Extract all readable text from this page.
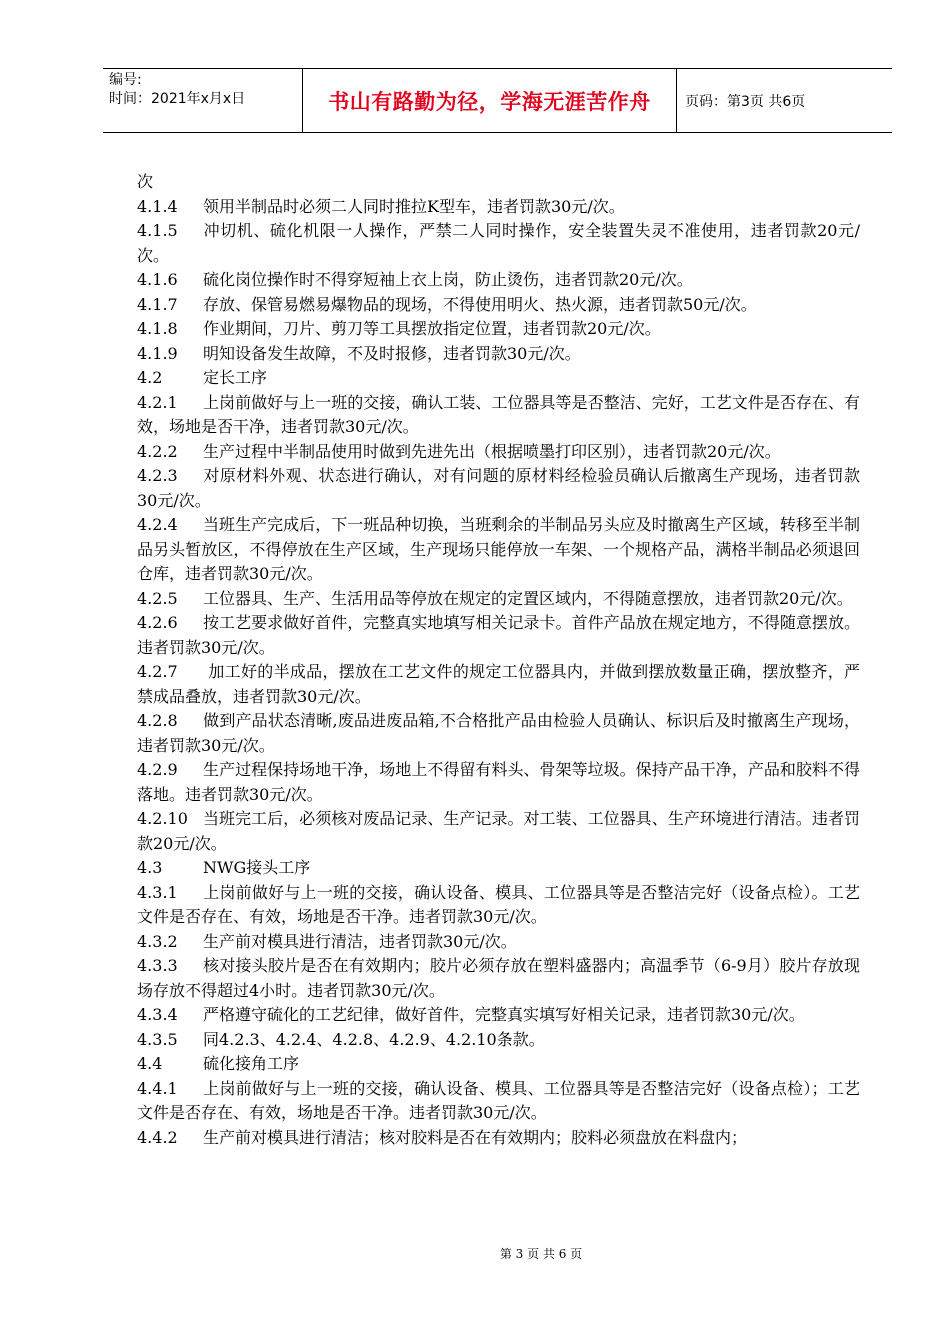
编号:
时间：2021年x月x日	书山有路勤为径，学海无涯苦作舟	页码：第3页 共6页

次

4.1.4 领用半制品时必须二人同时推拉K型车，违者罚款30元/次。

4.1.5 冲切机、硫化机限一人操作，严禁二人同时操作，安全装置失灵不准使用，违者罚款20元/次。

4.1.6 硫化岗位操作时不得穿短袖上衣上岗，防止烫伤，违者罚款20元/次。

4.1.7 存放、保管易燃易爆物品的现场，不得使用明火、热火源，违者罚款50元/次。

4.1.8 作业期间，刀片、剪刀等工具摆放指定位置，违者罚款20元/次。

4.1.9 明知设备发生故障，不及时报修，违者罚款30元/次。

4.2	定长工序

4.2.1 上岗前做好与上一班的交接，确认工装、工位器具等是否整洁、完好，工艺文件是否存在、有效，场地是否干净，违者罚款30元/次。

4.2.2 生产过程中半制品使用时做到先进先出（根据喷墨打印区别），违者罚款20元/次。

4.2.3 对原材料外观、状态进行确认，对有问题的原材料经检验员确认后撤离生产现场，违者罚款30元/次。

4.2.4 当班生产完成后，下一班品种切换，当班剩余的半制品另头应及时撤离生产区域，转移至半制品另头暂放区，不得停放在生产区域，生产现场只能停放一车架、一个规格产品，满格半制品必须退回仓库，违者罚款30元/次。

4.2.5 工位器具、生产、生活用品等停放在规定的定置区域内，不得随意摆放，违者罚款20元/次。

4.2.6 按工艺要求做好首件，完整真实地填写相关记录卡。首件产品放在规定地方，不得随意摆放。违者罚款30元/次。

4.2.7 加工好的半成品，摆放在工艺文件的规定工位器具内，并做到摆放数量正确，摆放整齐，严禁成品叠放，违者罚款30元/次。

4.2.8 做到产品状态清晰,废品进废品箱,不合格批产品由检验人员确认、标识后及时撤离生产现场，违者罚款30元/次。

4.2.9 生产过程保持场地干净，场地上不得留有料头、骨架等垃圾。保持产品干净，产品和胶料不得落地。违者罚款30元/次。

4.2.10 当班完工后，必须核对废品记录、生产记录。对工装、工位器具、生产环境进行清洁。违者罚款20元/次。

4.3	NWG接头工序

4.3.1 上岗前做好与上一班的交接，确认设备、模具、工位器具等是否整洁完好（设备点检）。工艺文件是否存在、有效，场地是否干净。违者罚款30元/次。

4.3.2 生产前对模具进行清洁，违者罚款30元/次。

4.3.3 核对接头胶片是否在有效期内；胶片必须存放在塑料盛器内；高温季节（6-9月）胶片存放现场存放不得超过4小时。违者罚款30元/次。

4.3.4 严格遵守硫化的工艺纪律，做好首件，完整真实填写好相关记录，违者罚款30元/次。

4.3.5 同4.2.3、4.2.4、4.2.8、4.2.9、4.2.10条款。

4.4	硫化接角工序

4.4.1 上岗前做好与上一班的交接，确认设备、模具、工位器具等是否整洁完好（设备点检）；工艺文件是否存在、有效，场地是否干净。违者罚款30元/次。

4.4.2 生产前对模具进行清洁；核对胶料是否在有效期内；胶料必须盘放在料盘内；

第 3 页 共 6 页
